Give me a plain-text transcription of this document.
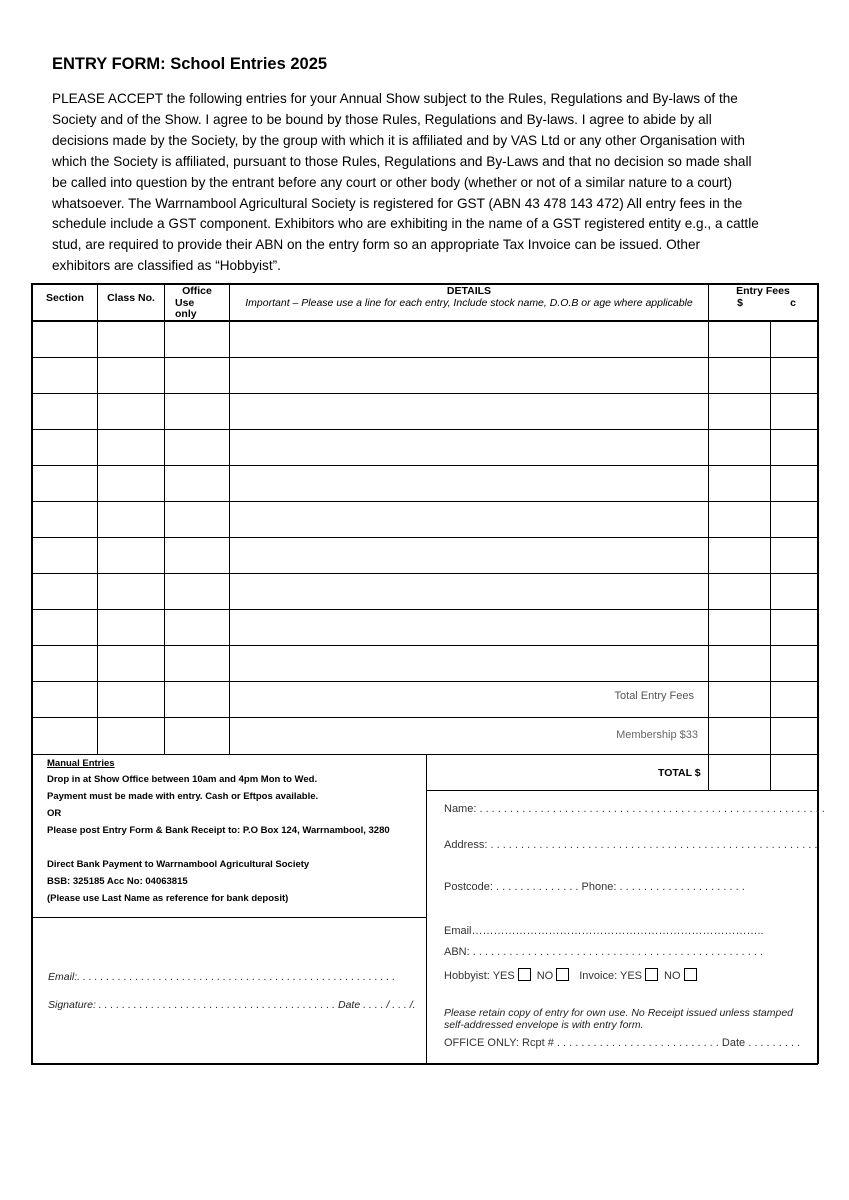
ENTRY FORM: School Entries 2025
PLEASE ACCEPT the following entries for your Annual Show subject to the Rules, Regulations and By-laws of the
Society and of the Show. I agree to be bound by those Rules, Regulations and By-laws. I agree to abide by all
decisions made by the Society, by the group with which it is affiliated and by VAS Ltd or any other Organisation with
which the Society is affiliated, pursuant to those Rules, Regulations and By-Laws and that no decision so made shall
be called into question by the entrant before any court or other body (whether or not of a similar nature to a court)
whatsoever. The Warrnambool Agricultural Society is registered for GST (ABN 43 478 143 472) All entry fees in the
schedule include a GST component. Exhibitors who are exhibiting in the name of a GST registered entity e.g., a cattle
stud, are required to provide their ABN on the entry form so an appropriate Tax Invoice can be issued. Other
exhibitors are classified as “Hobbyist”.
Section	Class No.
Office
Use
only
DETAILS
Important – Please use a line for each entry, Include stock name, D.O.B or age where applicable
Entry Fees
$	c
Total Entry Fees
Membership $33
TOTAL $
Manual Entries
Drop in at Show Office between 10am and 4pm Mon to Wed.
Payment must be made with entry. Cash or Eftpos available.
OR
Please post Entry Form & Bank Receipt to: P.O Box 124, Warrnambool, 3280
Direct Bank Payment to Warrnambool Agricultural Society
BSB: 325185 Acc No: 04063815
(Please use Last Name as reference for bank deposit)
Email:. . . . . . . . . . . . . . . . . . . . . . . . . . . . . . . . . . . . . . . . . . . . . . . . . . . . . . .
Signature: . . . . . . . . . . . . . . . . . . . . . . . . . . . . . . . . . . . . . . . . . Date . . . . / . . . /.
Name: . . . . . . . . . . . . . . . . . . . . . . . . . . . . . . . . . . . . . . . . . . . . . . . . . . . . . . . . .
Address: . . . . . . . . . . . . . . . . . . . . . . . . . . . . . . . . . . . . . . . . . . . . . . . . . . . . . .
Postcode: . . . . . . . . . . . . . . Phone: . . . . . . . . . . . . . . . . . . . . .
Email……………………………………………………………………..
ABN: . . . . . . . . . . . . . . . . . . . . . . . . . . . . . . . . . . . . . . . . . . . . . . . .
Hobbyist: YES NO Invoice: YES NO
Please retain copy of entry for own use. No Receipt issued unless stamped self-addressed envelope is with entry form.
OFFICE ONLY: Rcpt # . . . . . . . . . . . . . . . . . . . . . . . . . . . Date . . . . . . . . .
